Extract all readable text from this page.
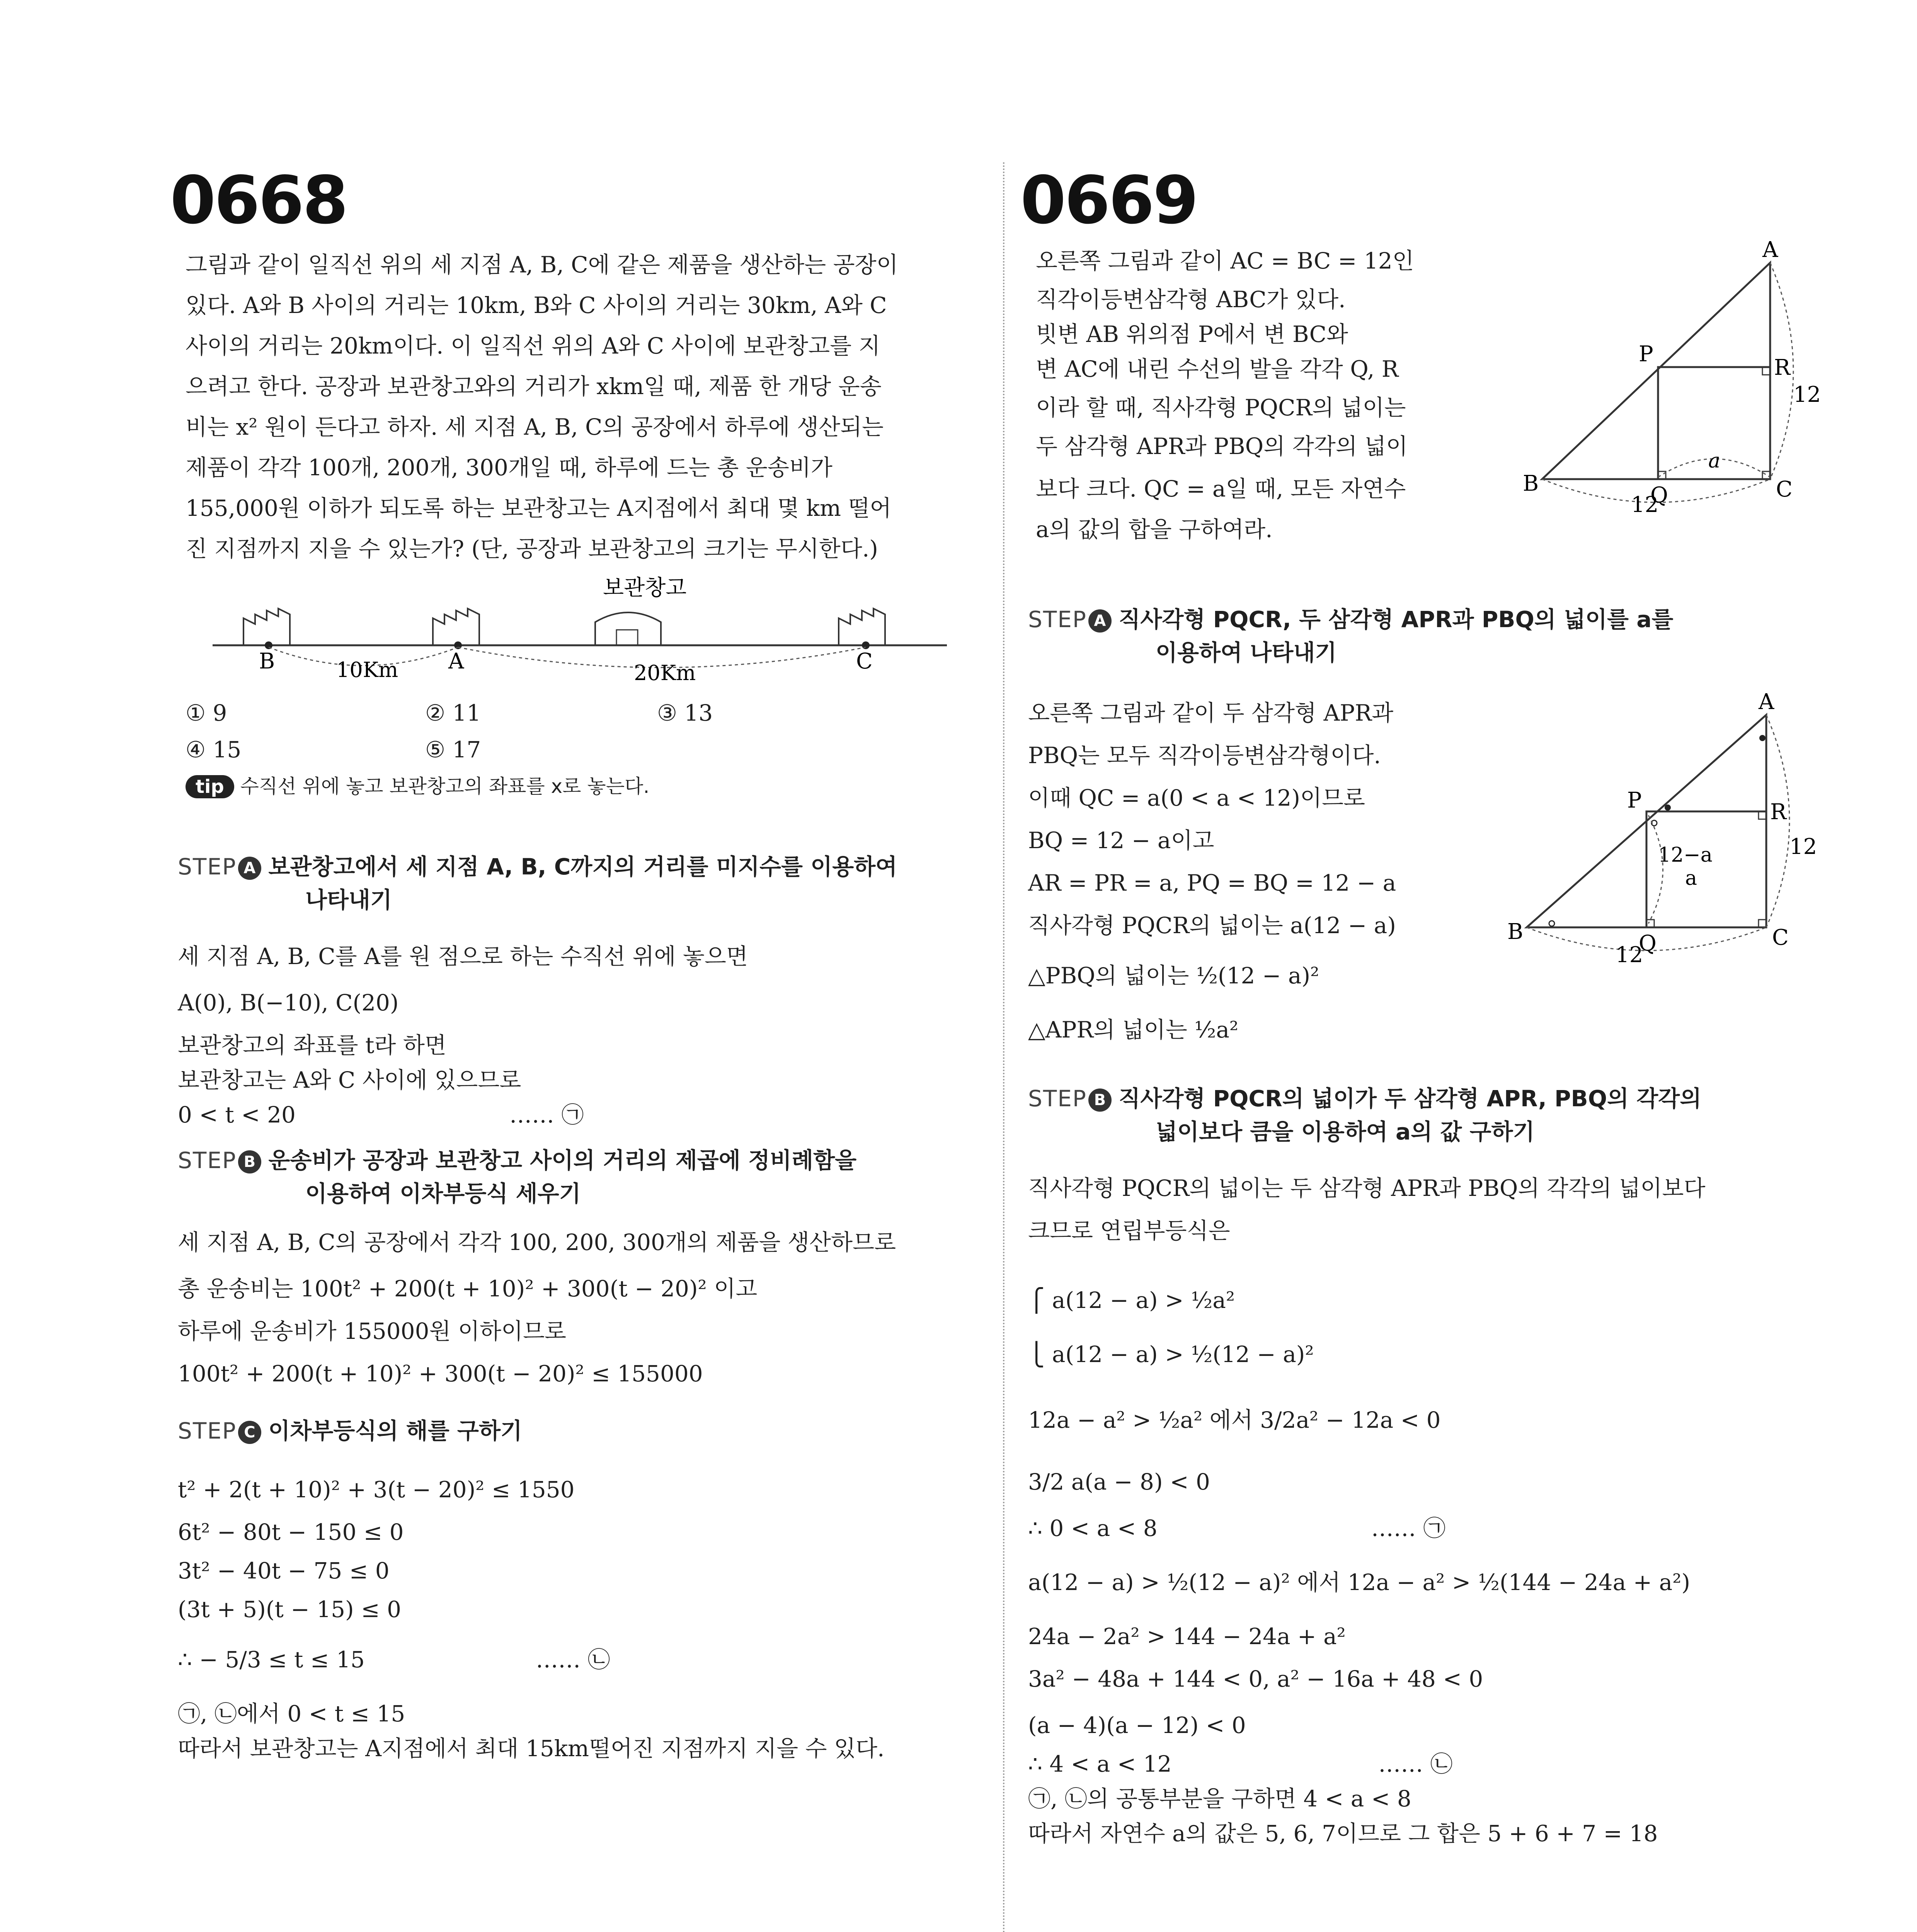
0668
그림과 같이 일직선 위의 세 지점 A, B, C에 같은 제품을 생산하는 공장이
있다. A와 B 사이의 거리는 10km, B와 C 사이의 거리는 30km, A와 C
사이의 거리는 20km이다. 이 일직선 위의 A와 C 사이에 보관창고를 지
으려고 한다. 공장과 보관창고와의 거리가 xkm일 때, 제품 한 개당 운송
비는 x² 원이 든다고 하자. 세 지점 A, B, C의 공장에서 하루에 생산되는
제품이 각각 100개, 200개, 300개일 때, 하루에 드는 총 운송비가
155,000원 이하가 되도록 하는 보관창고는 A지점에서 최대 몇 km 떨어
진 지점까지 지을 수 있는가? (단, 공장과 보관창고의 크기는 무시한다.)
보관창고
B	A	C
10Km	20Km
① 9	② 11	③ 13
④ 15	⑤ 17
tip 수직선 위에 놓고 보관창고의 좌표를 x로 놓는다.
STEP A 보관창고에서 세 지점 A, B, C까지의 거리를 미지수를 이용하여
나타내기
세 지점 A, B, C를 A를 원 점으로 하는 수직선 위에 놓으면
A(0), B(−10), C(20)
보관창고의 좌표를 t라 하면
보관창고는 A와 C 사이에 있으므로
0 < t < 20                              …… ㉠
STEP B 운송비가 공장과 보관창고 사이의 거리의 제곱에 정비례함을
이용하여 이차부등식 세우기
세 지점 A, B, C의 공장에서 각각 100, 200, 300개의 제품을 생산하므로
총 운송비는 100t² + 200(t + 10)² + 300(t − 20)² 이고
하루에 운송비가 155000원 이하이므로
100t² + 200(t + 10)² + 300(t − 20)² ≤ 155000
STEP C 이차부등식의 해를 구하기
t² + 2(t + 10)² + 3(t − 20)² ≤ 1550
6t² − 80t − 150 ≤ 0
3t² − 40t − 75 ≤ 0
(3t + 5)(t − 15) ≤ 0
∴ − 5/3 ≤ t ≤ 15                        …… ㉡
㉠, ㉡에서 0 < t ≤ 15
따라서 보관창고는 A지점에서 최대 15km떨어진 지점까지 지을 수 있다.
0669
오른쪽 그림과 같이 AC = BC = 12인
직각이등변삼각형 ABC가 있다.
빗변 AB 위의점 P에서 변 BC와
변 AC에 내린 수선의 발을 각각 Q, R
이라 할 때, 직사각형 PQCR의 넓이는
두 삼각형 APR과 PBQ의 각각의 넓이
보다 크다. QC = a일 때, 모든 자연수
a의 값의 합을 구하여라.
A
B	C
P
Q
R
12
12
a
STEP A 직사각형 PQCR, 두 삼각형 APR과 PBQ의 넓이를 a를
이용하여 나타내기
오른쪽 그림과 같이 두 삼각형 APR과
PBQ는 모두 직각이등변삼각형이다.
이때 QC = a(0 < a < 12)이므로
BQ = 12 − a이고
AR = PR = a, PQ = BQ = 12 − a
직사각형 PQCR의 넓이는 a(12 − a)
△PBQ의 넓이는 ½(12 − a)²
△APR의 넓이는 ½a²
A
B	C
P
Q
R
12
12
a
12−a
STEP B 직사각형 PQCR의 넓이가 두 삼각형 APR, PBQ의 각각의
넓이보다 큼을 이용하여 a의 값 구하기
직사각형 PQCR의 넓이는 두 삼각형 APR과 PBQ의 각각의 넓이보다
크므로 연립부등식은
⎧ a(12 − a) > ½a²
⎩ a(12 − a) > ½(12 − a)²
12a − a² > ½a² 에서 3/2a² − 12a < 0
3/2 a(a − 8) < 0
∴ 0 < a < 8                              …… ㉠
a(12 − a) > ½(12 − a)² 에서 12a − a² > ½(144 − 24a + a²)
24a − 2a² > 144 − 24a + a²
3a² − 48a + 144 < 0, a² − 16a + 48 < 0
(a − 4)(a − 12) < 0
∴ 4 < a < 12                             …… ㉡
㉠, ㉡의 공통부분을 구하면 4 < a < 8
따라서 자연수 a의 값은 5, 6, 7이므로 그 합은 5 + 6 + 7 = 18
